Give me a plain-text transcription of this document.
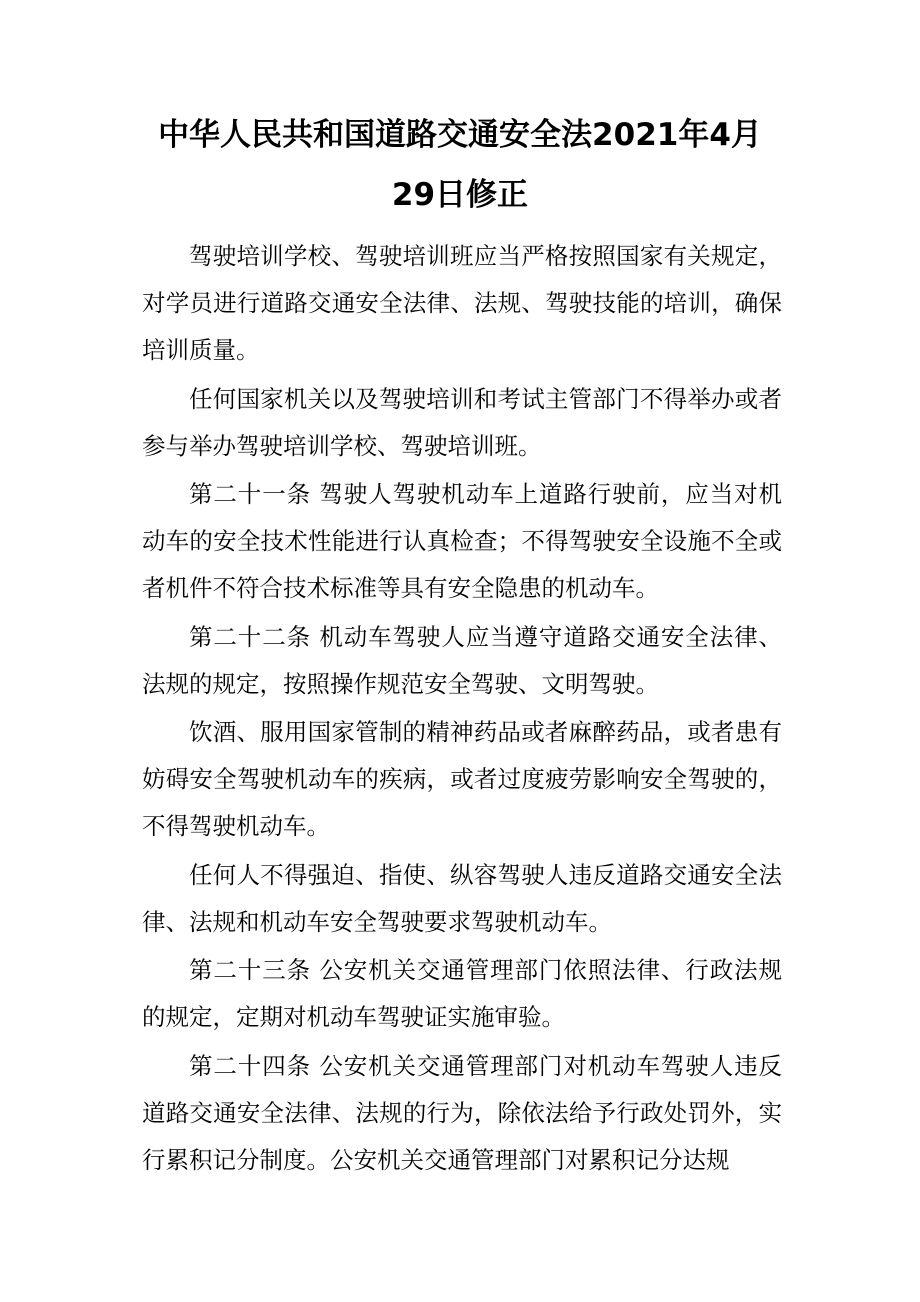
中华人民共和国道路交通安全法2021年4月29日修正

驾驶培训学校、驾驶培训班应当严格按照国家有关规定，对学员进行道路交通安全法律、法规、驾驶技能的培训，确保培训质量。

任何国家机关以及驾驶培训和考试主管部门不得举办或者参与举办驾驶培训学校、驾驶培训班。

第二十一条 驾驶人驾驶机动车上道路行驶前，应当对机动车的安全技术性能进行认真检查；不得驾驶安全设施不全或者机件不符合技术标准等具有安全隐患的机动车。

第二十二条 机动车驾驶人应当遵守道路交通安全法律、法规的规定，按照操作规范安全驾驶、文明驾驶。

饮酒、服用国家管制的精神药品或者麻醉药品，或者患有妨碍安全驾驶机动车的疾病，或者过度疲劳影响安全驾驶的，不得驾驶机动车。

任何人不得强迫、指使、纵容驾驶人违反道路交通安全法律、法规和机动车安全驾驶要求驾驶机动车。

第二十三条 公安机关交通管理部门依照法律、行政法规的规定，定期对机动车驾驶证实施审验。

第二十四条 公安机关交通管理部门对机动车驾驶人违反道路交通安全法律、法规的行为，除依法给予行政处罚外，实行累积记分制度。公安机关交通管理部门对累积记分达规
